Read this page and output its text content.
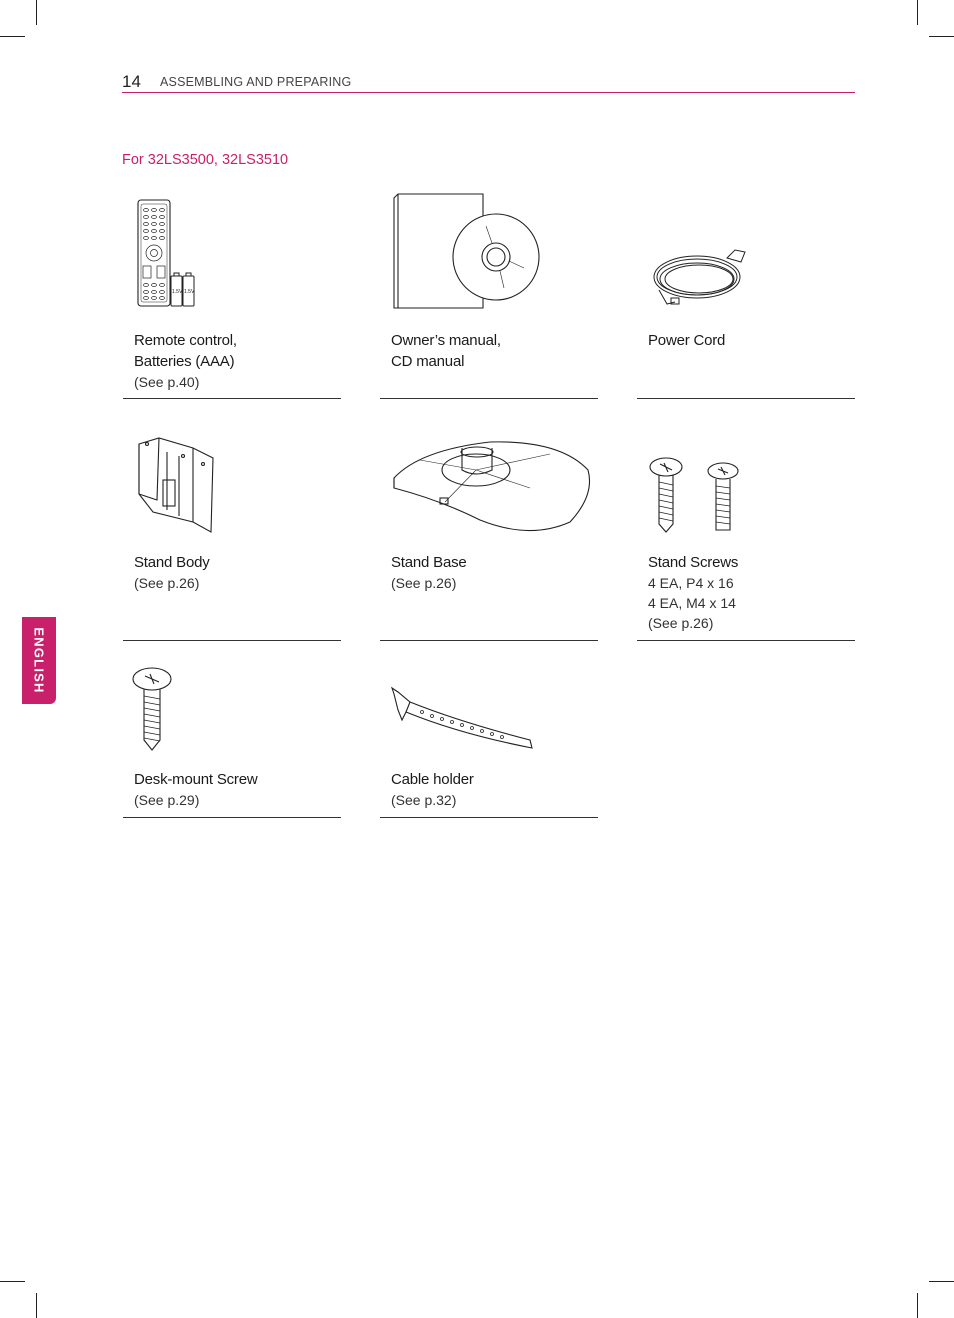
14 ASSEMBLING AND PREPARING
For 32LS3500, 32LS3510
ENGLISH
1.5V 1.5V
Remote control,
Batteries (AAA)
(See p.40)
Owner’s manual,
CD manual
Power Cord
Stand Body
(See p.26)
Stand Base
(See p.26)
Stand Screws
4 EA, P4 x 16
4 EA, M4 x 14
(See p.26)
Desk-mount Screw
(See p.29)
Cable holder
(See p.32)
